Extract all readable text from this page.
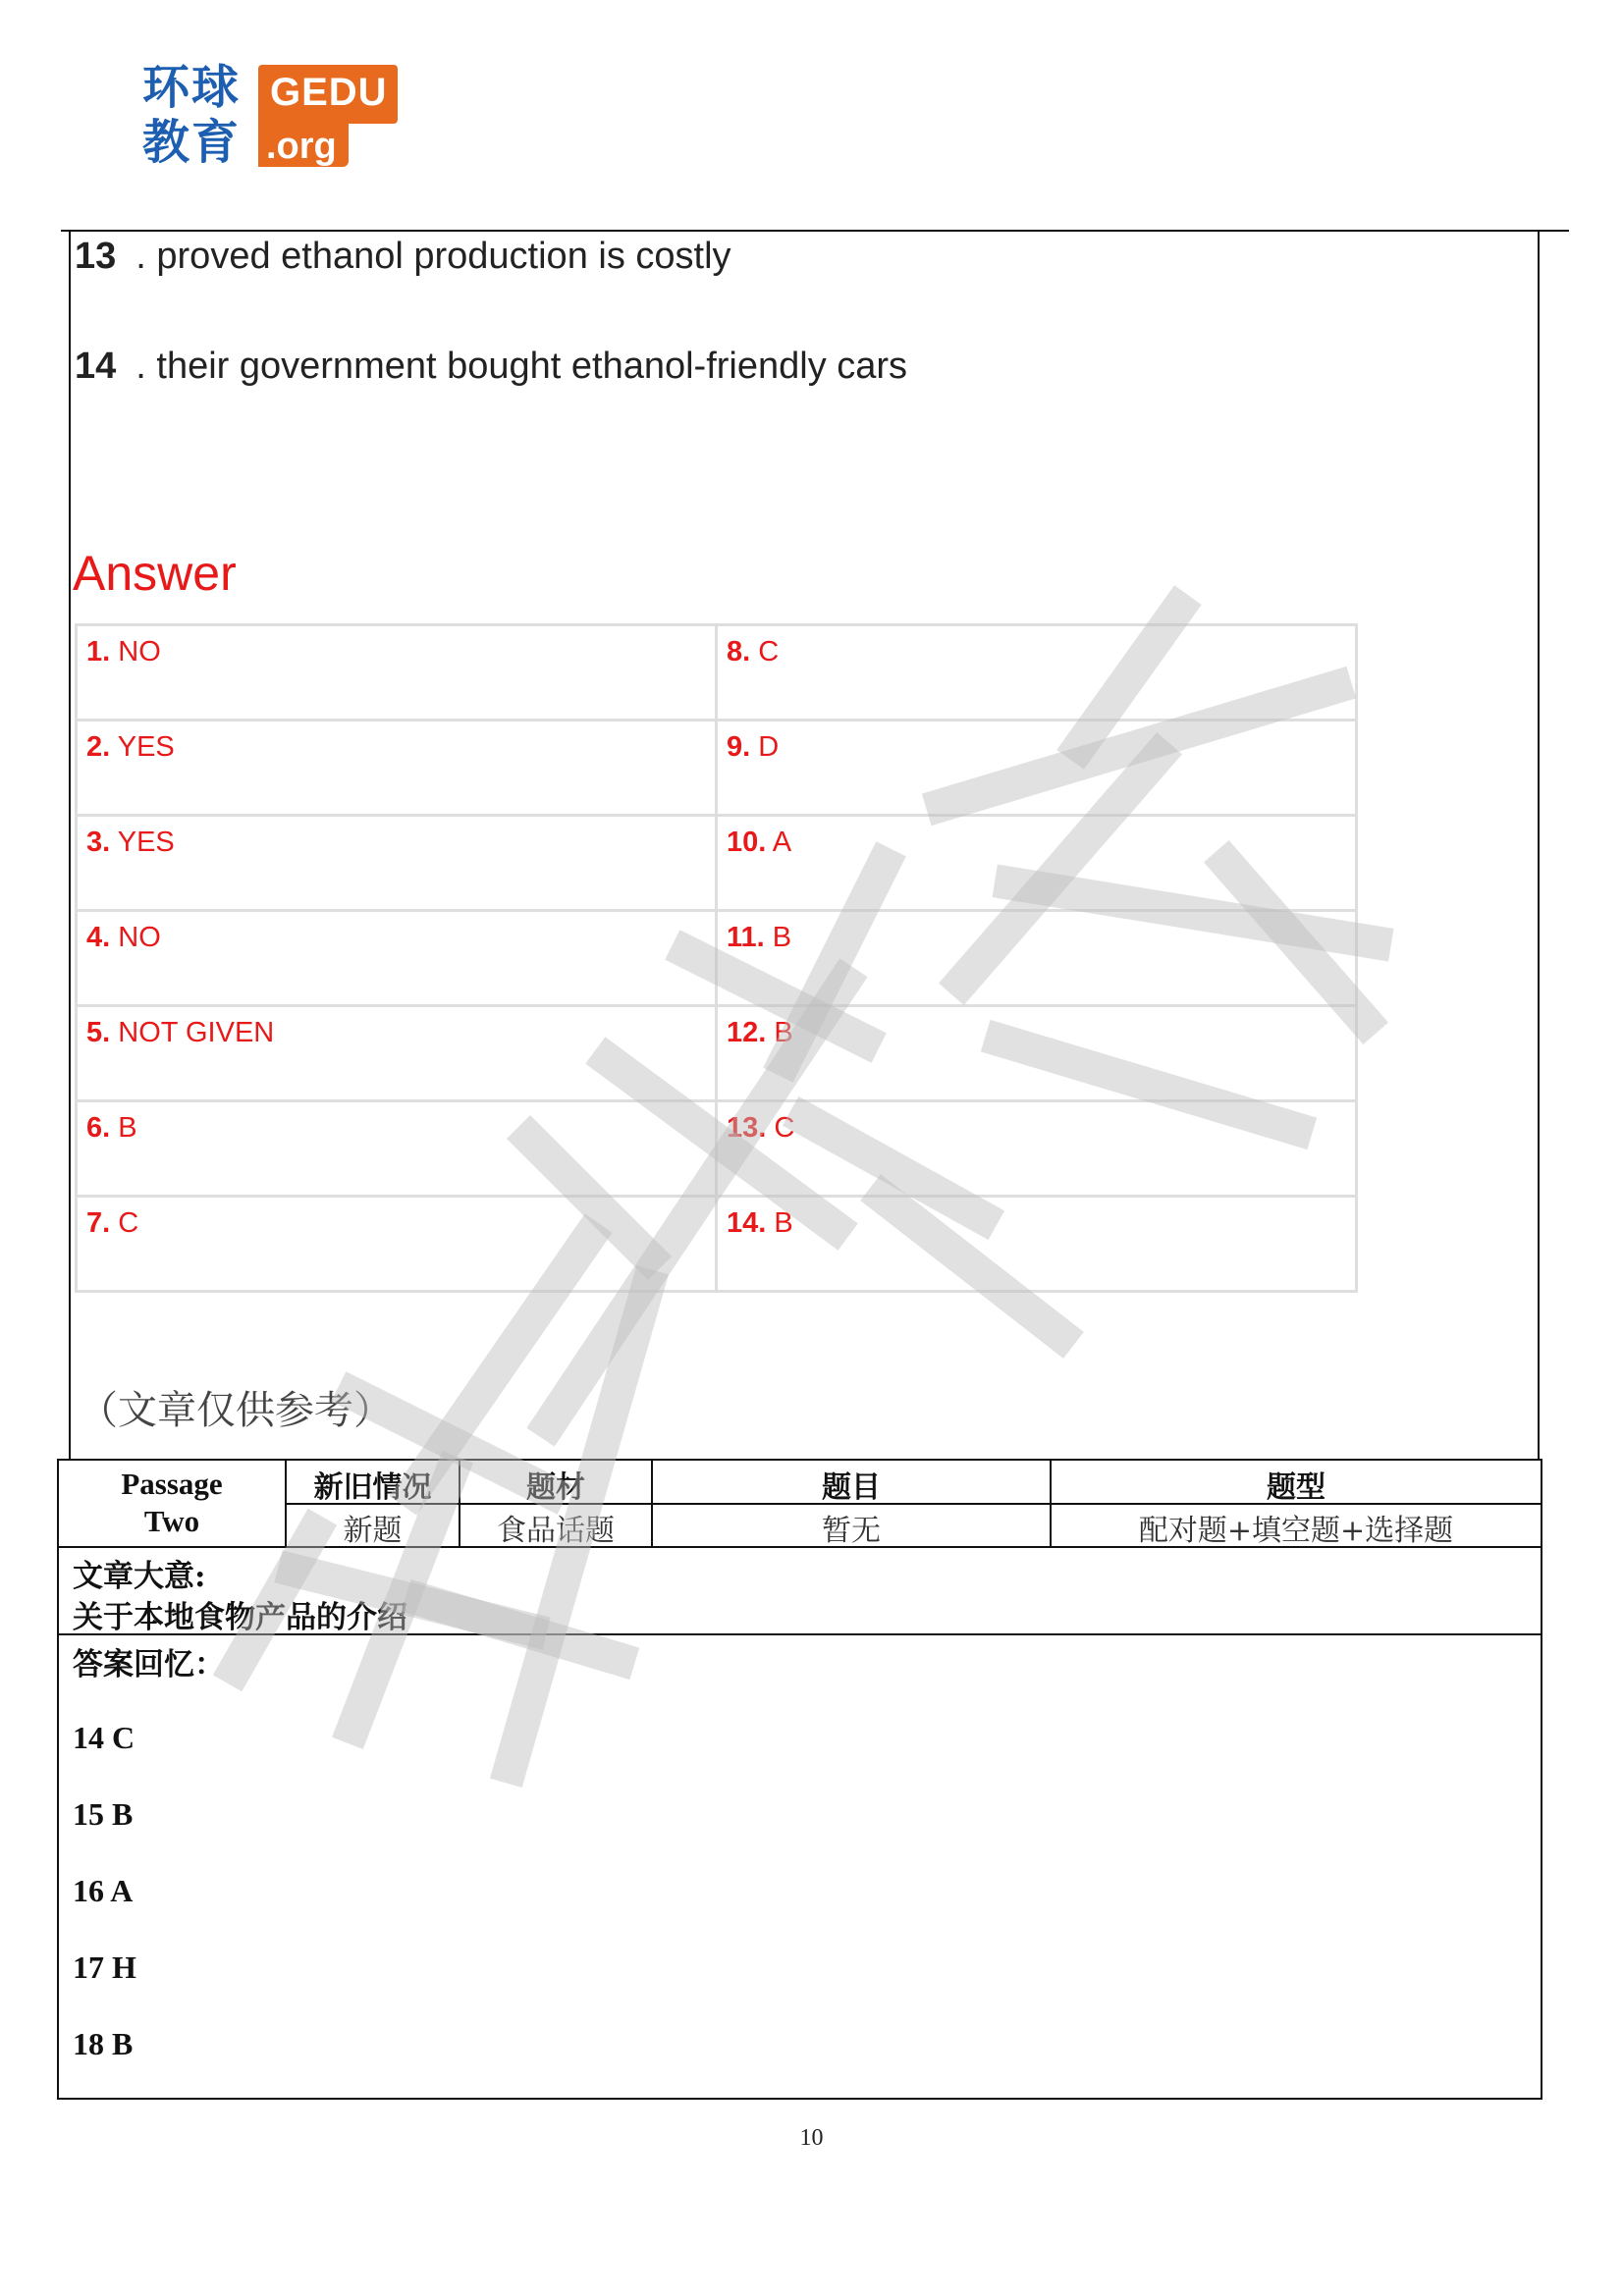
环球
教育
GEDU
.org
13 . proved ethanol production is costly
14 . their government bought ethanol-friendly cars
Answer
1. NO	8. C
2. YES	9. D
3. YES	10. A
4. NO	11. B
5. NOT GIVEN	12. B
6. B	13. C
7. C	14. B
（文章仅供参考）
Passage
Two
新旧情况	题材	题目	题型
新题	食品话题	暂无	配对题+填空题+选择题
文章大意:
关于本地食物产品的介绍
答案回忆：
14 C
15 B
16 A
17 H
18 B
10
